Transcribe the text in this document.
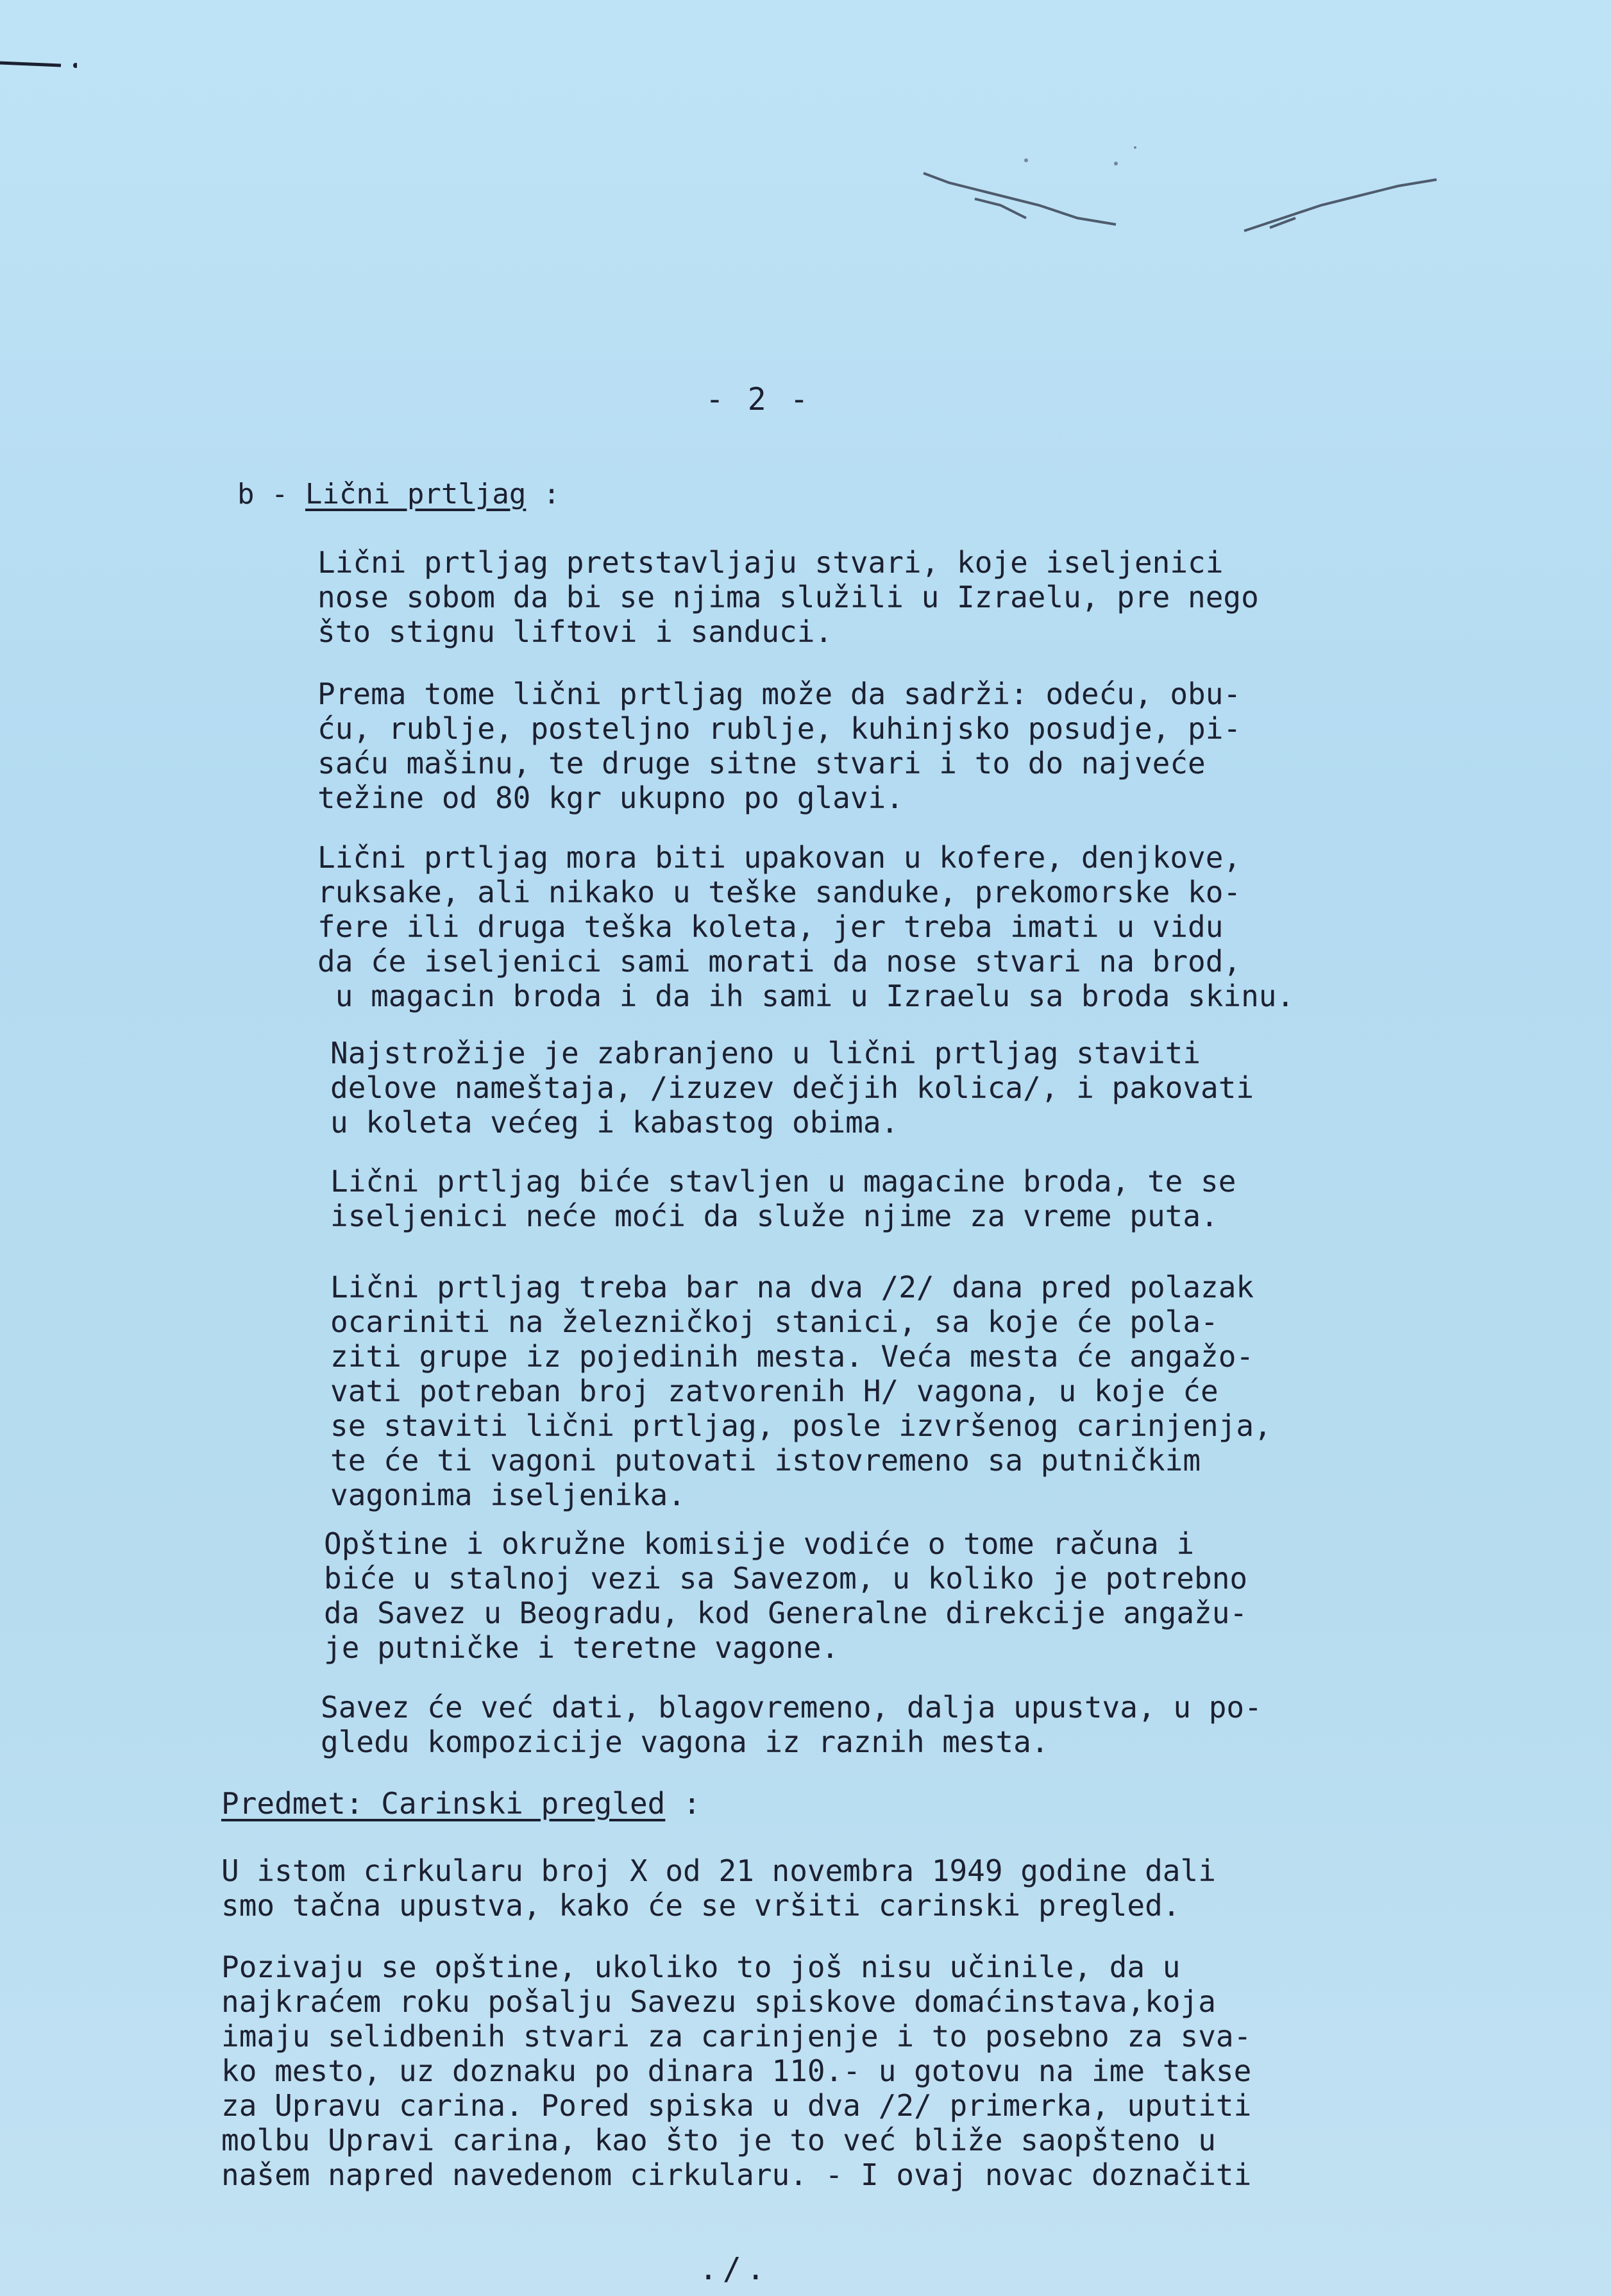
- 2 -
b - Lični prtljag :
Lični prtljag pretstavljaju stvari, koje iseljenici
nose sobom da bi se njima služili u Izraelu, pre nego
što stignu liftovi i sanduci.
Prema tome lični prtljag može da sadrži: odeću, obu-
ću, rublje, posteljno rublje, kuhinjsko posudje, pi-
saću mašinu, te druge sitne stvari i to do najveće
težine od 80 kgr ukupno po glavi.
Lični prtljag mora biti upakovan u kofere, denjkove,
ruksake, ali nikako u teške sanduke, prekomorske ko-
fere ili druga teška koleta, jer treba imati u vidu
da će iseljenici sami morati da nose stvari na brod,
u magacin broda i da ih sami u Izraelu sa broda skinu.
Najstrožije je zabranjeno u lični prtljag staviti
delove nameštaja, /izuzev dečjih kolica/, i pakovati
u koleta većeg i kabastog obima.
Lični prtljag biće stavljen u magacine broda, te se
iseljenici neće moći da služe njime za vreme puta.
Lični prtljag treba bar na dva /2/ dana pred polazak
ocariniti na železničkoj stanici, sa koje će pola-
ziti grupe iz pojedinih mesta. Veća mesta će angažo-
vati potreban broj zatvorenih H/ vagona, u koje će
se staviti lični prtljag, posle izvršenog carinjenja,
te će ti vagoni putovati istovremeno sa putničkim
vagonima iseljenika.
Opštine i okružne komisije vodiće o tome računa i
biće u stalnoj vezi sa Savezom, u koliko je potrebno
da Savez u Beogradu, kod Generalne direkcije angažu-
je putničke i teretne vagone.
Savez će već dati, blagovremeno, dalja upustva, u po-
gledu kompozicije vagona iz raznih mesta.
Predmet: Carinski pregled :
U istom cirkularu broj X od 21 novembra 1949 godine dali
smo tačna upustva, kako će se vršiti carinski pregled.
Pozivaju se opštine, ukoliko to još nisu učinile, da u
najkraćem roku pošalju Savezu spiskove domaćinstava,koja
imaju selidbenih stvari za carinjenje i to posebno za sva-
ko mesto, uz doznaku po dinara 110.- u gotovu na ime takse
za Upravu carina. Pored spiska u dva /2/ primerka, uputiti
molbu Upravi carina, kao što je to već bliže saopšteno u
našem napred navedenom cirkularu. - I ovaj novac doznačiti
./.
